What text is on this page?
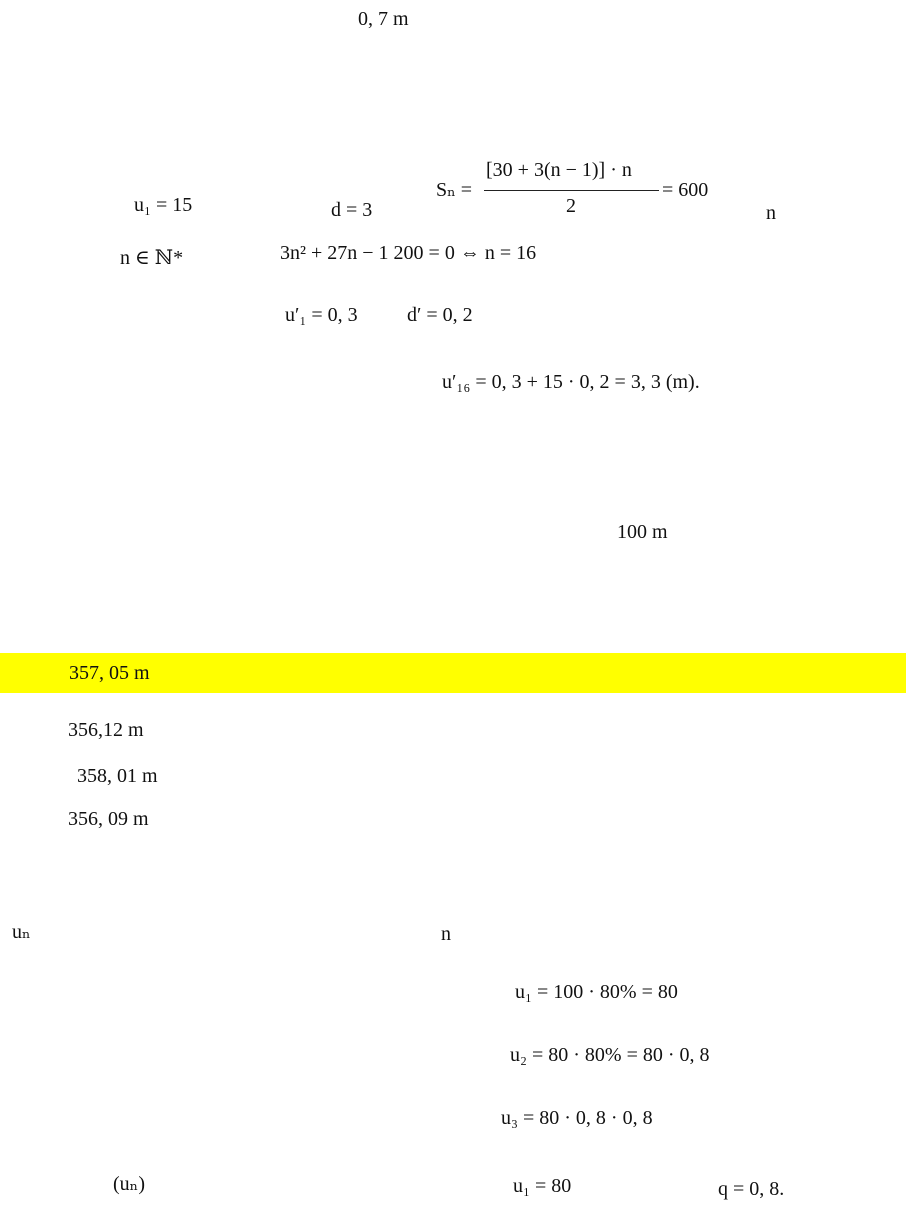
0, 7 m
u₁ = 15	d = 3
Sₙ =
[30 + 3(n − 1)] · n
2
= 600
n
n ∈ ℕ*	3n² + 27n − 1 200 = 0 ⇔ n = 16
u′₁ = 0, 3 d′ = 0, 2
u′₁₆ = 0, 3 + 15 · 0, 2 = 3, 3 (m).
100 m
357, 05 m
356,12 m
358, 01 m
356, 09 m
uₙ	n
u₁ = 100 · 80% = 80
u₂ = 80 · 80% = 80 · 0, 8
u₃ = 80 · 0, 8 · 0, 8
(uₙ)	u₁ = 80	q = 0, 8.
